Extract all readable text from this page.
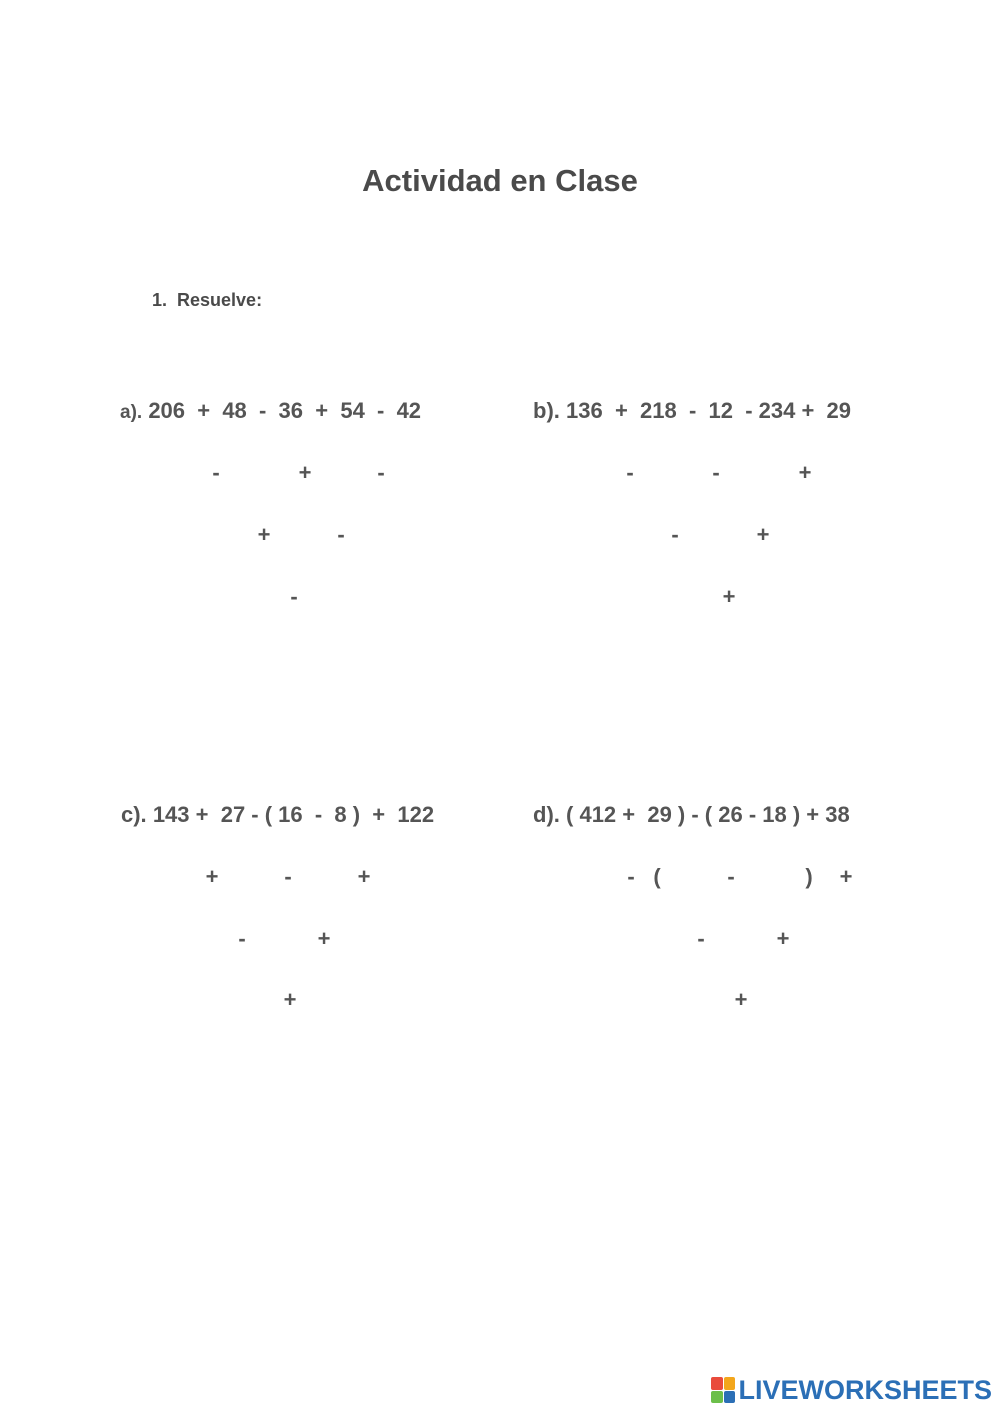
Actividad en Clase
1.  Resuelve:
a). 206  +  48  -  36  +  54  -  42
-	+	-
+	-
-
b). 136  +  218  -  12  - 234 +  29
-	-	+
-	+
+
c). 143 +  27 - ( 16  -  8 )  +  122
+	-	+
-	+
+
d). ( 412 +  29 ) - ( 26 - 18 ) + 38
- (	-	) +
-	+
+
LIVEWORKSHEETS
